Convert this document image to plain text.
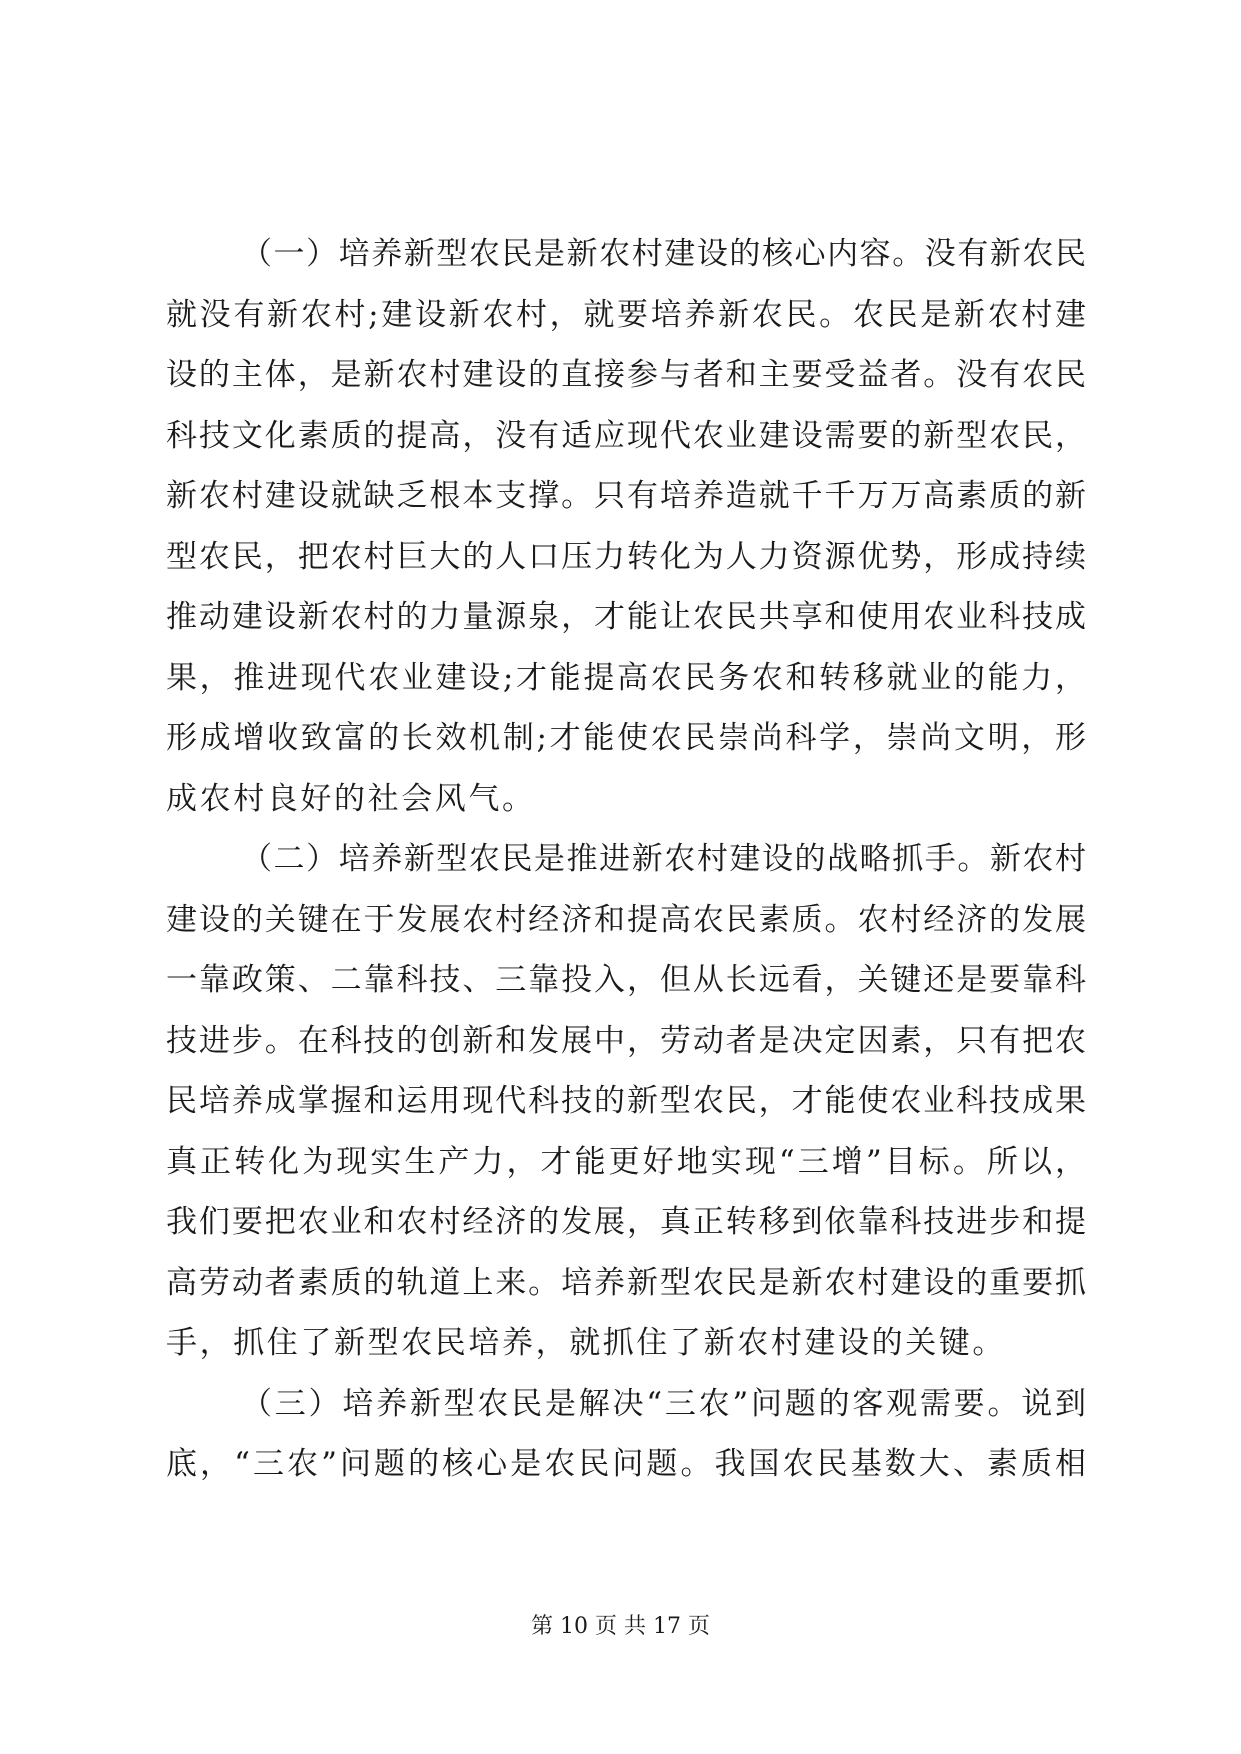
（一）培养新型农民是新农村建设的核心内容。没有新农民
就没有新农村;建设新农村，就要培养新农民。农民是新农村建
设的主体，是新农村建设的直接参与者和主要受益者。没有农民
科技文化素质的提高，没有适应现代农业建设需要的新型农民，
新农村建设就缺乏根本支撑。只有培养造就千千万万高素质的新
型农民，把农村巨大的人口压力转化为人力资源优势，形成持续
推动建设新农村的力量源泉，才能让农民共享和使用农业科技成
果，推进现代农业建设;才能提高农民务农和转移就业的能力，
形成增收致富的长效机制;才能使农民崇尚科学，崇尚文明，形
成农村良好的社会风气。
（二）培养新型农民是推进新农村建设的战略抓手。新农村
建设的关键在于发展农村经济和提高农民素质。农村经济的发展
一靠政策、二靠科技、三靠投入，但从长远看，关键还是要靠科
技进步。在科技的创新和发展中，劳动者是决定因素，只有把农
民培养成掌握和运用现代科技的新型农民，才能使农业科技成果
真正转化为现实生产力，才能更好地实现“三增”目标。所以，
我们要把农业和农村经济的发展，真正转移到依靠科技进步和提
高劳动者素质的轨道上来。培养新型农民是新农村建设的重要抓
手，抓住了新型农民培养，就抓住了新农村建设的关键。
（三）培养新型农民是解决“三农”问题的客观需要。说到
底，“三农”问题的核心是农民问题。我国农民基数大、素质相
第 10 页 共 17 页
